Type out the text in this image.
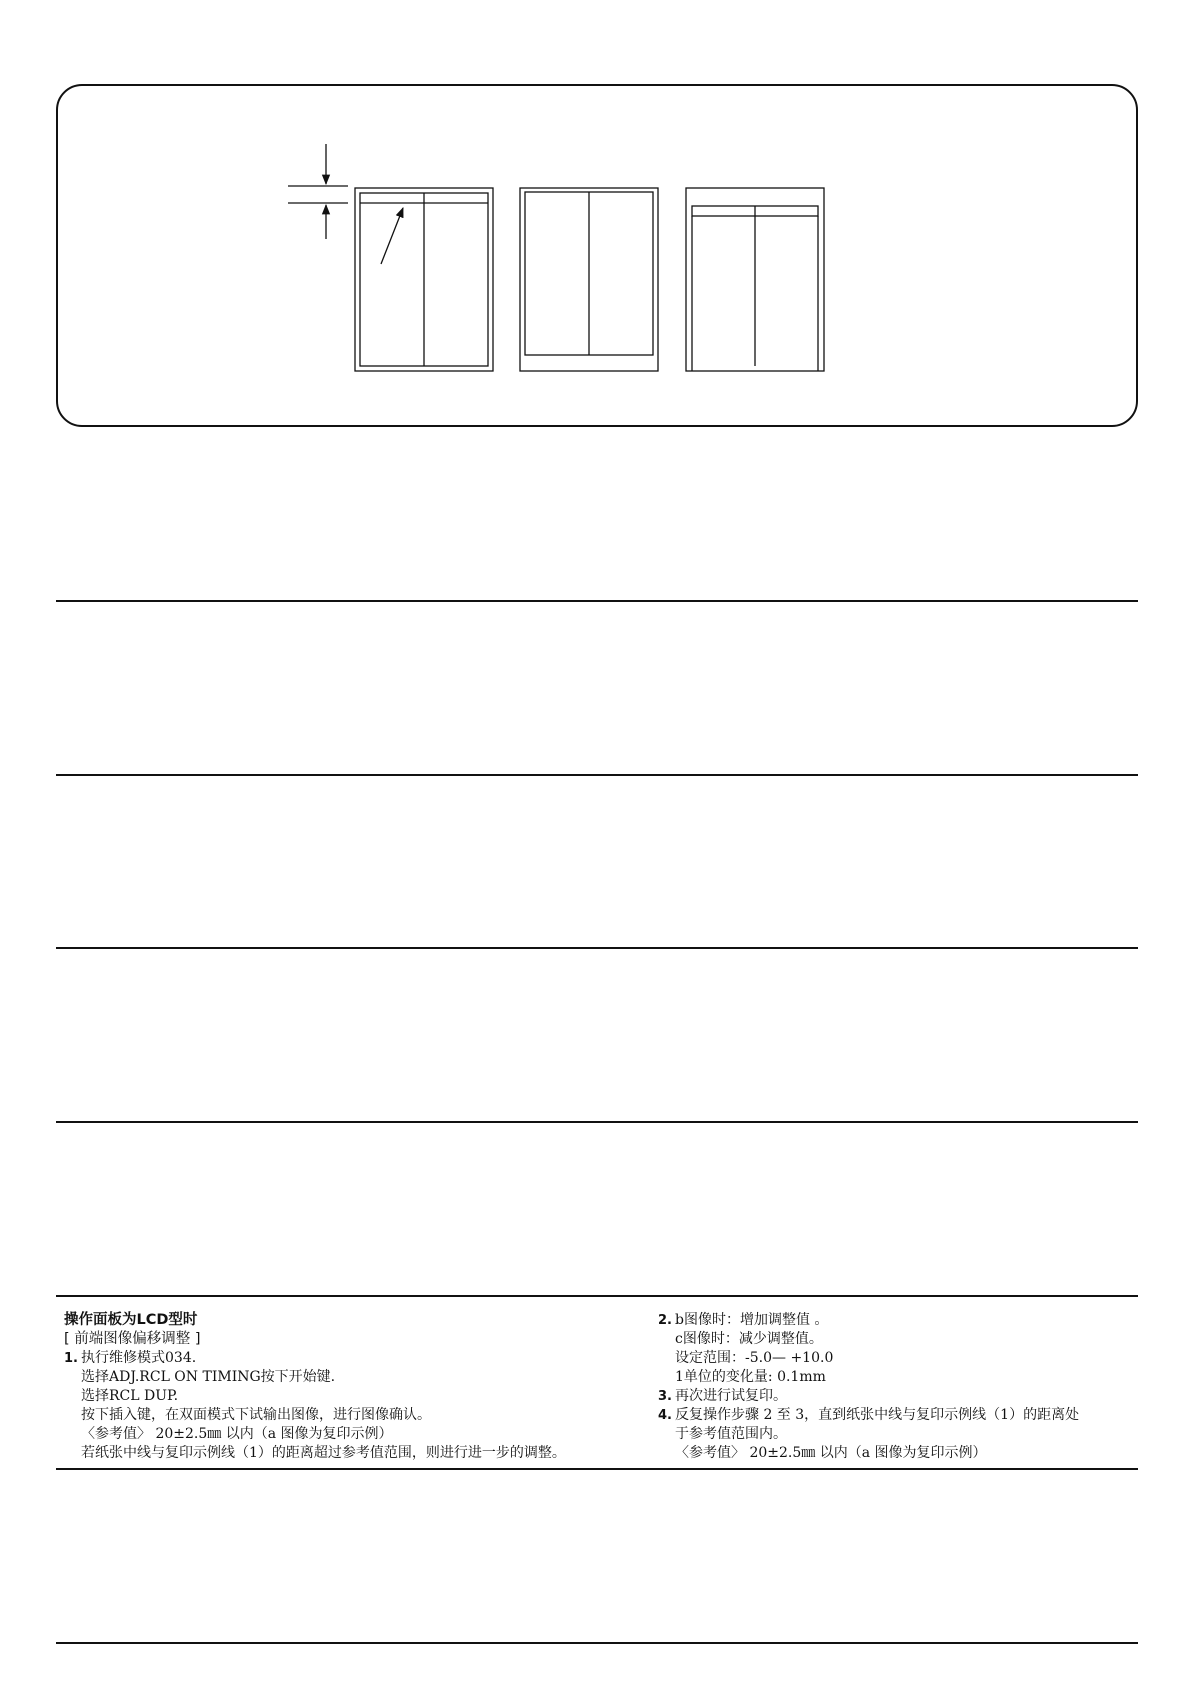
操作面板为LCD型时

[ 前端图像偏移调整 ]

1. 执行维修模式034.

选择ADJ.RCL ON TIMING按下开始键.

选择RCL DUP.

按下插入键，在双面模式下试输出图像，进行图像确认。

〈参考值〉 20±2.5㎜ 以内（a 图像为复印示例）

若纸张中线与复印示例线（1）的距离超过参考值范围，则进行进一步的调整。

2. b图像时：增加调整值 。

c图像时：减少调整值。

设定范围：-5.0— +10.0

1单位的变化量: 0.1mm

3. 再次进行试复印。

4. 反复操作步骤 2 至 3，直到纸张中线与复印示例线（1）的距离处

于参考值范围内。

〈参考值〉 20±2.5㎜ 以内（a 图像为复印示例）
